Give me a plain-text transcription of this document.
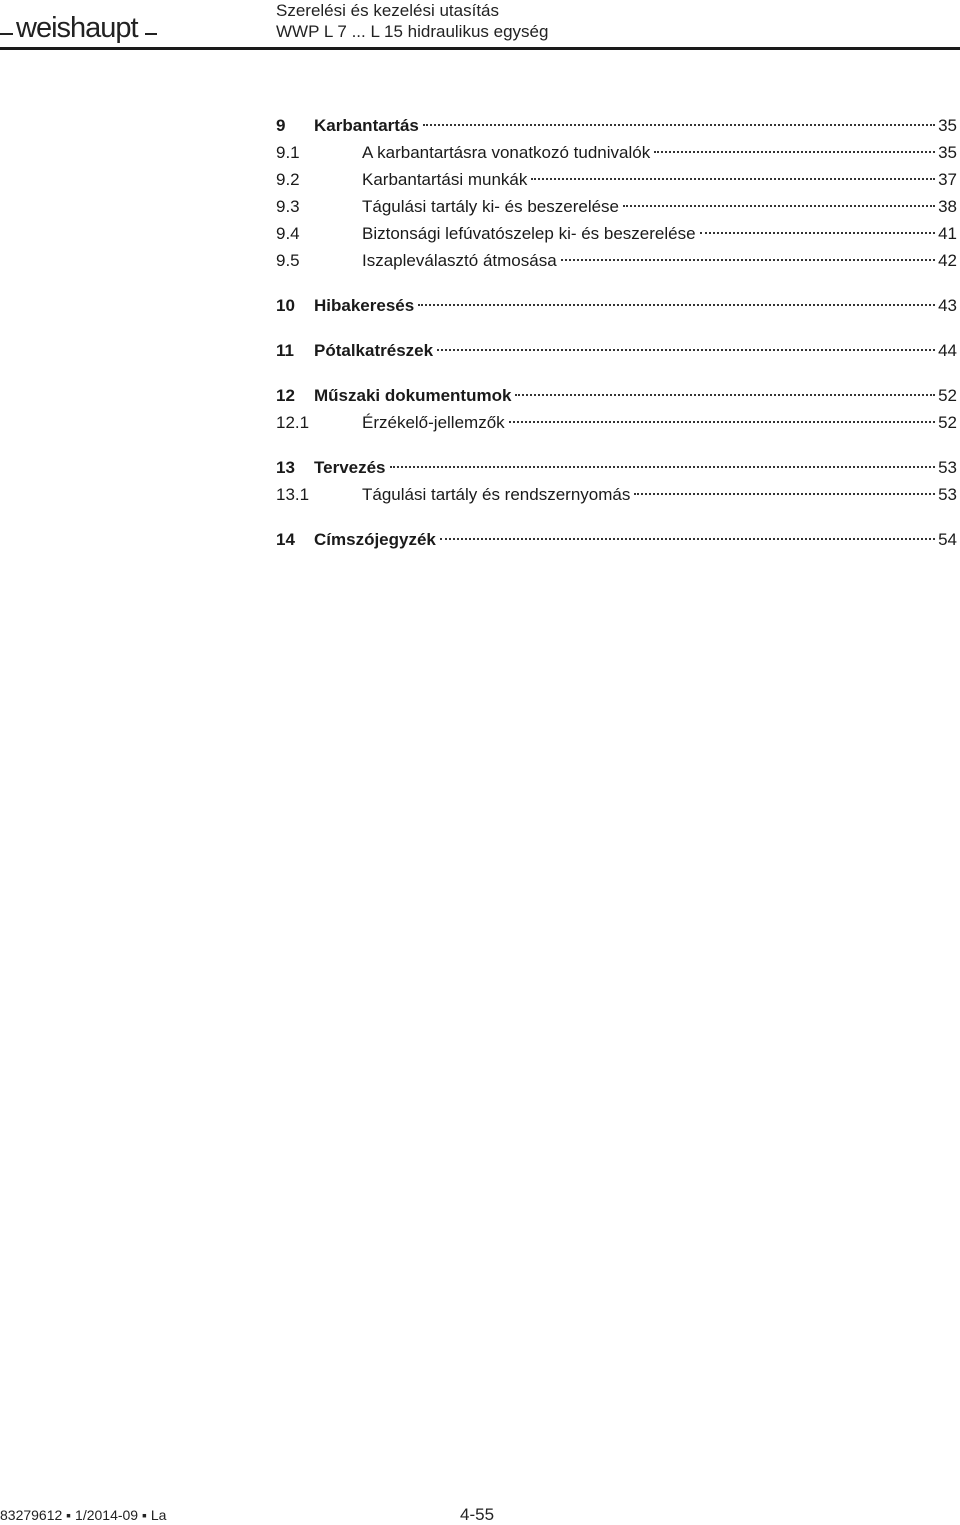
weishaupt
Szerelési és kezelési utasítás
WWP L 7 ... L 15 hidraulikus egység
9	Karbantartás	35
9.1	A karbantartásra vonatkozó tudnivalók	35
9.2	Karbantartási munkák	37
9.3	Tágulási tartály ki- és beszerelése	38
9.4	Biztonsági lefúvatószelep ki- és beszerelése	41
9.5	Iszapleválasztó átmosása	42
10	Hibakeresés	43
11	Pótalkatrészek	44
12	Műszaki dokumentumok	52
12.1	Érzékelő-jellemzők	52
13	Tervezés	53
13.1	Tágulási tartály és rendszernyomás	53
14	Címszójegyzék	54
83279612 ▪ 1/2014-09 ▪ La	4-55
